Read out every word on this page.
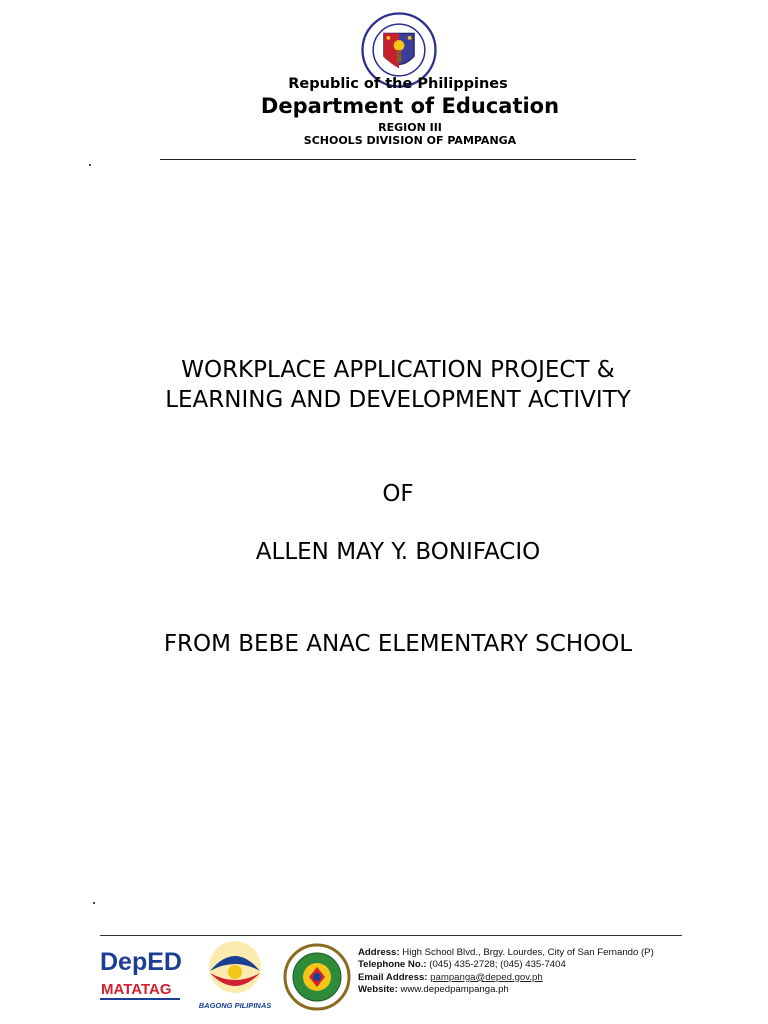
Republic of the Philippines
Department of Education
REGION III
SCHOOLS DIVISION OF PAMPANGA
WORKPLACE APPLICATION PROJECT &
LEARNING AND DEVELOPMENT ACTIVITY
OF
ALLEN MAY Y. BONIFACIO
FROM BEBE ANAC ELEMENTARY SCHOOL
DepED
MATATAG
BAGONG PILIPINAS
Address: High School Blvd., Brgy. Lourdes, City of San Fernando (P)
Telephone No.: (045) 435-2728; (045) 435-7404
Email Address: pampanga@deped.gov.ph
Website: www.depedpampanga.ph
